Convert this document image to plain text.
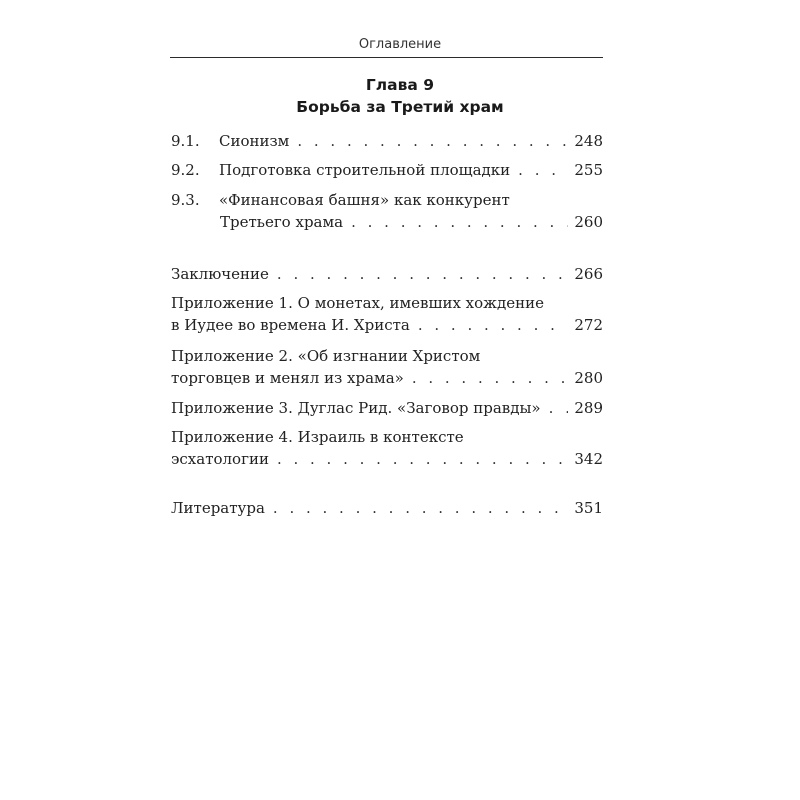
Оглавление
Глава 9
Борьба за Третий храм
9.1. Сионизм . . .	248
9.2. Подготовка строительной площадки . . .	255
9.3. «Финансовая башня» как конкурент
Третьего храма . . .	260
Заключение . . .	266
Приложение 1. О монетах, имевших хождение
в Иудее во времена И. Христа . . .	272
Приложение 2. «Об изгнании Христом
торговцев и менял из храма» . . .	280
Приложение 3. Дуглас Рид. «Заговор правды» . . . 289
Приложение 4. Израиль в контексте
эсхатологии . . .	342
Литература . . .	351
